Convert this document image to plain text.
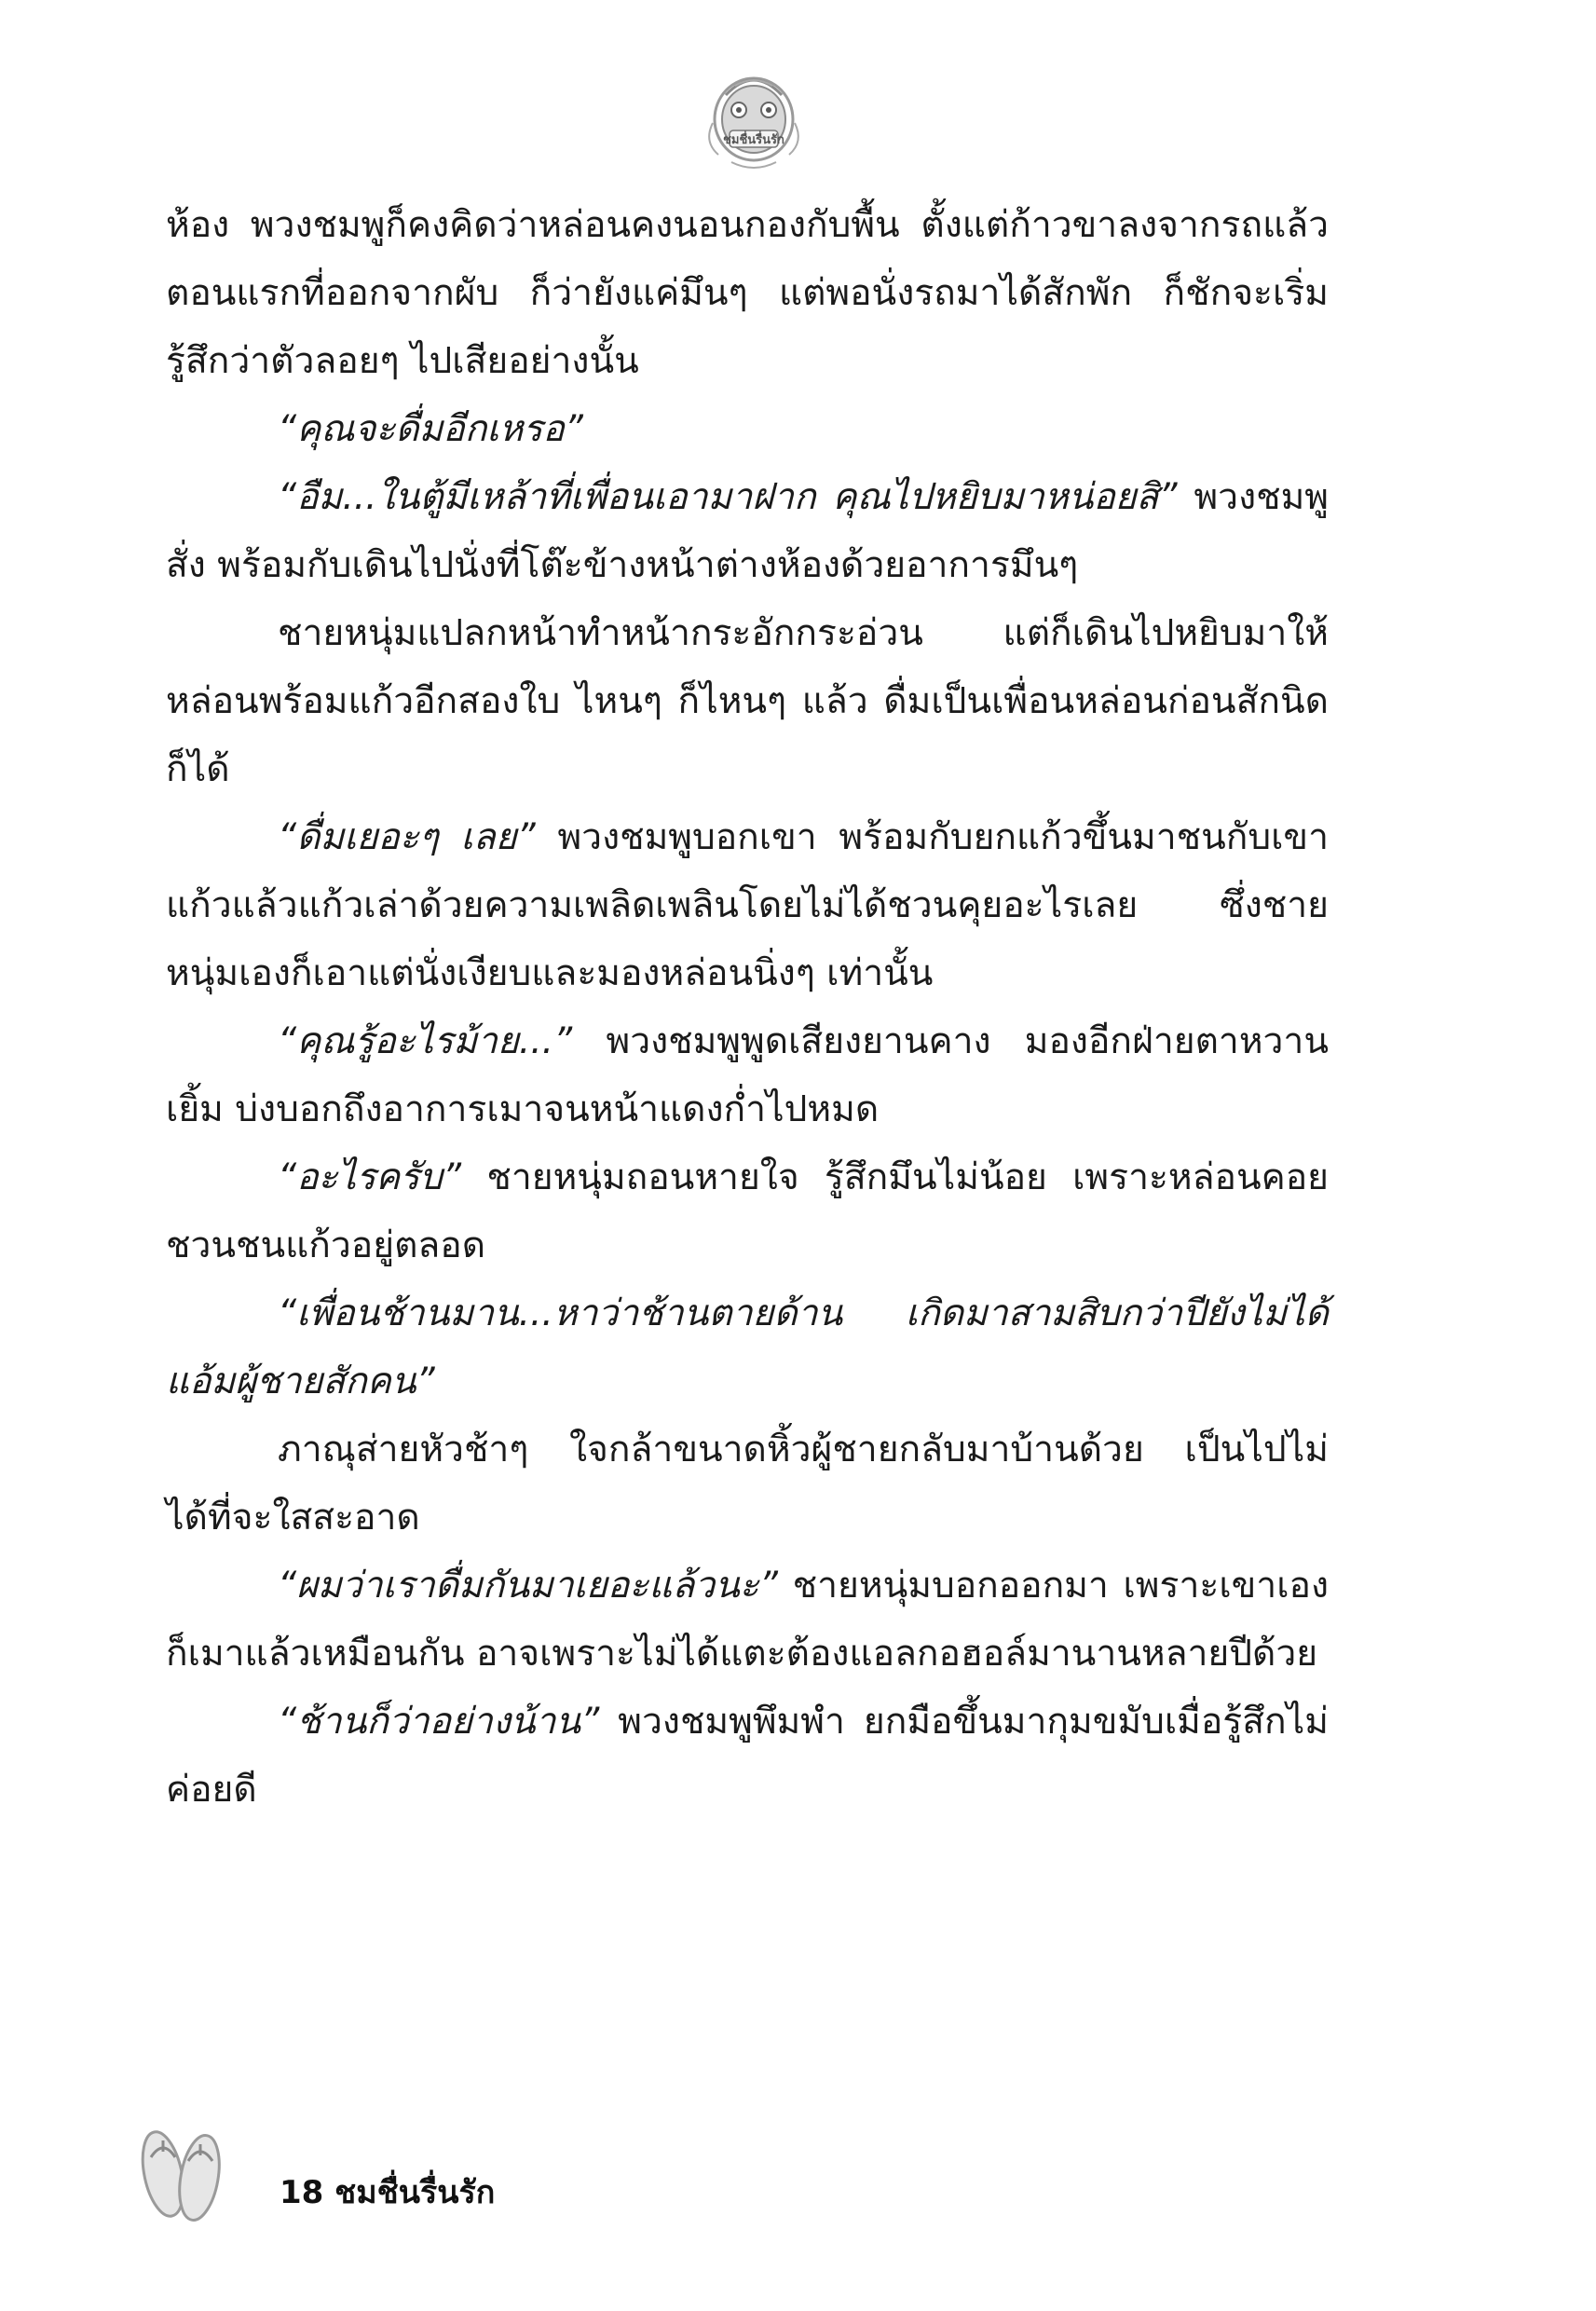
ชมชื่นรื่นรัก

ห้อง พวงชมพูก็คงคิดว่าหล่อนคงนอนกองกับพื้น ตั้งแต่ก้าวขาลงจากรถแล้ว ตอนแรกที่ออกจากผับ ก็ว่ายังแค่มึนๆ แต่พอนั่งรถมาได้สักพัก ก็ชักจะเริ่มรู้สึกว่าตัวลอยๆ ไปเสียอย่างนั้น

“คุณจะดื่มอีกเหรอ”

“อืม...ในตู้มีเหล้าที่เพื่อนเอามาฝาก คุณไปหยิบมาหน่อยสิ” พวงชมพูสั่ง พร้อมกับเดินไปนั่งที่โต๊ะข้างหน้าต่างห้องด้วยอาการมึนๆ

ชายหนุ่มแปลกหน้าทำหน้ากระอักกระอ่วน แต่ก็เดินไปหยิบมาให้หล่อนพร้อมแก้วอีกสองใบ ไหนๆ ก็ไหนๆ แล้ว ดื่มเป็นเพื่อนหล่อนก่อนสักนิดก็ได้

“ดื่มเยอะๆ เลย” พวงชมพูบอกเขา พร้อมกับยกแก้วขึ้นมาชนกับเขา แก้วแล้วแก้วเล่าด้วยความเพลิดเพลินโดยไม่ได้ชวนคุยอะไรเลย ซึ่งชายหนุ่มเองก็เอาแต่นั่งเงียบและมองหล่อนนิ่งๆ เท่านั้น

“คุณรู้อะไรม้าย...” พวงชมพูพูดเสียงยานคาง มองอีกฝ่ายตาหวานเยิ้ม บ่งบอกถึงอาการเมาจนหน้าแดงก่ำไปหมด

“อะไรครับ” ชายหนุ่มถอนหายใจ รู้สึกมึนไม่น้อย เพราะหล่อนคอยชวนชนแก้วอยู่ตลอด

“เพื่อนช้านมาน...หาว่าช้านตายด้าน เกิดมาสามสิบกว่าปียังไม่ได้แอ้มผู้ชายสักคน”

ภาณุส่ายหัวช้าๆ ใจกล้าขนาดหิ้วผู้ชายกลับมาบ้านด้วย เป็นไปไม่ได้ที่จะใสสะอาด

“ผมว่าเราดื่มกันมาเยอะแล้วนะ” ชายหนุ่มบอกออกมา เพราะเขาเองก็เมาแล้วเหมือนกัน อาจเพราะไม่ได้แตะต้องแอลกอฮอล์มานานหลายปีด้วย

“ช้านก็ว่าอย่างน้าน” พวงชมพูพึมพำ ยกมือขึ้นมากุมขมับเมื่อรู้สึกไม่ค่อยดี

18 ชมชื่นรื่นรัก
